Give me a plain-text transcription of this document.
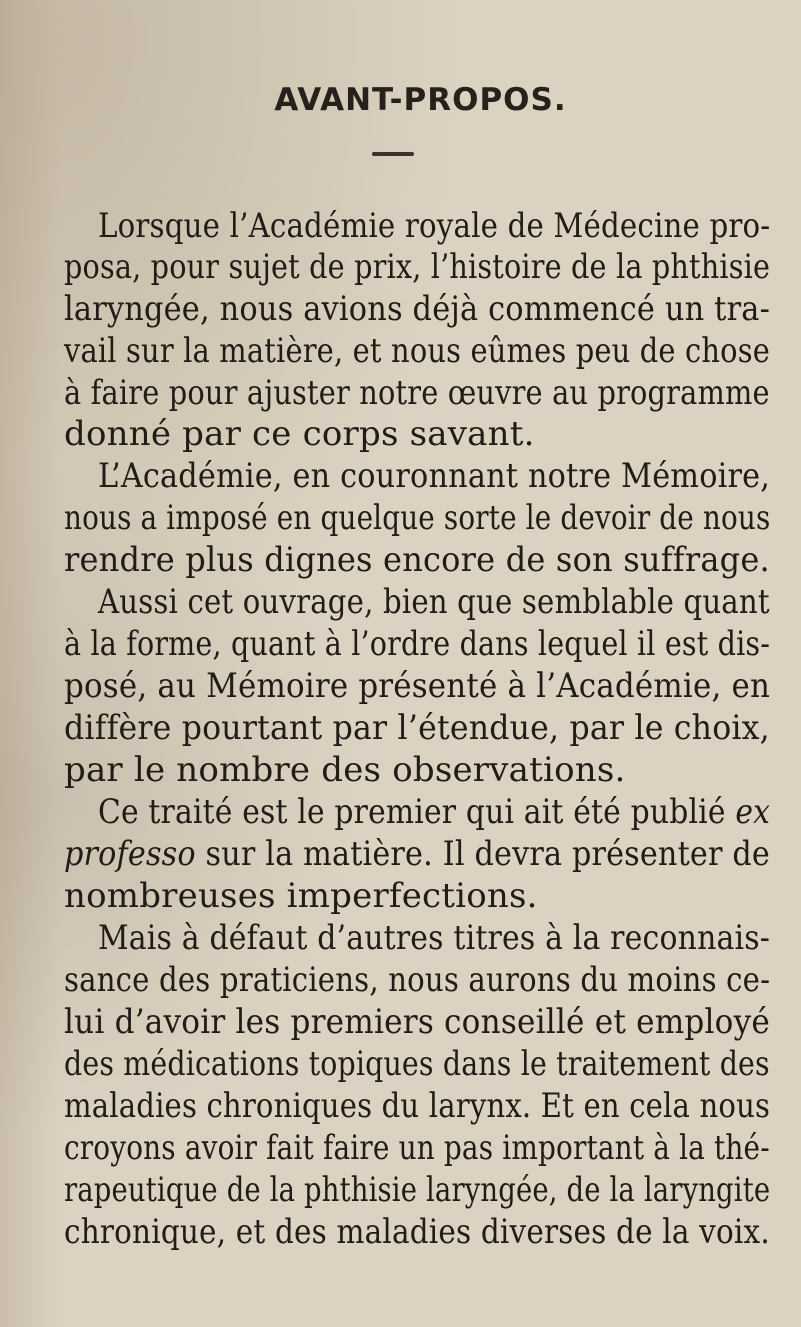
AVANT-PROPOS.
Lorsque l’Académie royale de Médecine pro-
posa, pour sujet de prix, l’histoire de la phthisie
laryngée, nous avions déjà commencé un tra-
vail sur la matière, et nous eûmes peu de chose
à faire pour ajuster notre œuvre au programme
donné par ce corps savant.
L’Académie, en couronnant notre Mémoire,
nous a imposé en quelque sorte le devoir de nous
rendre plus dignes encore de son suffrage.
Aussi cet ouvrage, bien que semblable quant
à la forme, quant à l’ordre dans lequel il est dis-
posé, au Mémoire présenté à l’Académie, en
diffère pourtant par l’étendue, par le choix,
par le nombre des observations.
Ce traité est le premier qui ait été publié ex
professo sur la matière. Il devra présenter de
nombreuses imperfections.
Mais à défaut d’autres titres à la reconnais-
sance des praticiens, nous aurons du moins ce-
lui d’avoir les premiers conseillé et employé
des médications topiques dans le traitement des
maladies chroniques du larynx. Et en cela nous
croyons avoir fait faire un pas important à la thé-
rapeutique de la phthisie laryngée, de la laryngite
chronique, et des maladies diverses de la voix.
